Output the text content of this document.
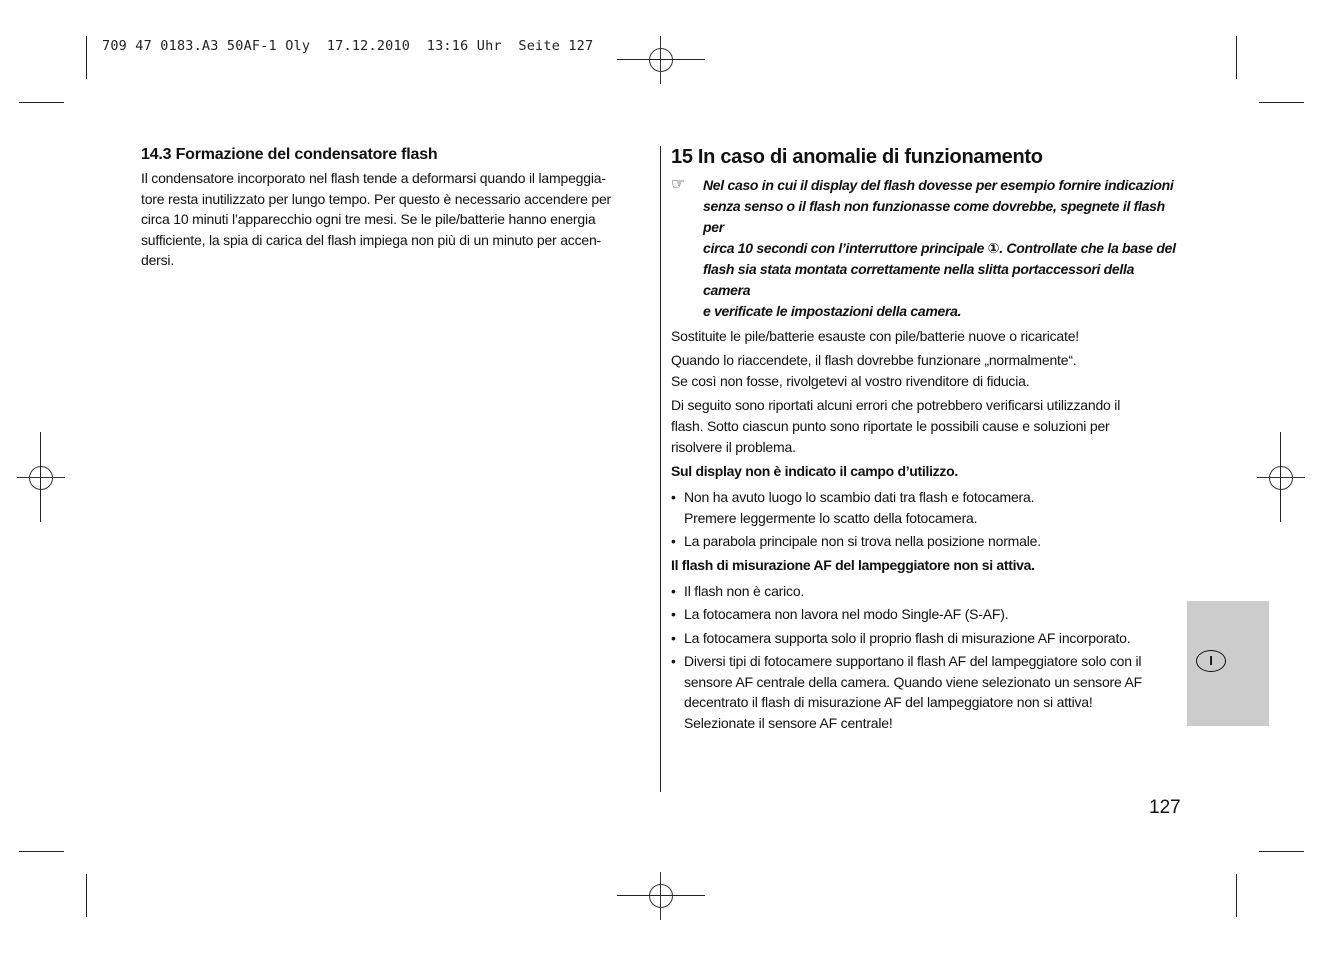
709 47 0183.A3 50AF-1 Oly  17.12.2010  13:16 Uhr  Seite 127
14.3 Formazione del condensatore flash
Il condensatore incorporato nel flash tende a deformarsi quando il lampeggia-
tore resta inutilizzato per lungo tempo. Per questo è necessario accendere per
circa 10 minuti l’apparecchio ogni tre mesi. Se le pile/batterie hanno energia
sufficiente, la spia di carica del flash impiega non più di un minuto per accen-
dersi.
15 In caso di anomalie di funzionamento
☞	Nel caso in cui il display del flash dovesse per esempio fornire indicazioni
senza senso o il flash non funzionasse come dovrebbe, spegnete il flash per
circa 10 secondi con l’interruttore principale ①. Controllate che la base del
flash sia stata montata correttamente nella slitta portaccessori della camera
e verificate le impostazioni della camera.
Sostituite le pile/batterie esauste con pile/batterie nuove o ricaricate!
Quando lo riaccendete, il flash dovrebbe funzionare „normalmente“.
Se così non fosse, rivolgetevi al vostro rivenditore di fiducia.
Di seguito sono riportati alcuni errori che potrebbero verificarsi utilizzando il
flash. Sotto ciascun punto sono riportate le possibili cause e soluzioni per
risolvere il problema.
Sul display non è indicato il campo d’utilizzo.
• Non ha avuto luogo lo scambio dati tra flash e fotocamera.
Premere leggermente lo scatto della fotocamera.
• La parabola principale non si trova nella posizione normale.
Il flash di misurazione AF del lampeggiatore non si attiva.
• Il flash non è carico.
• La fotocamera non lavora nel modo Single-AF (S-AF).
• La fotocamera supporta solo il proprio flash di misurazione AF incorporato.
• Diversi tipi di fotocamere supportano il flash AF del lampeggiatore solo con il
sensore AF centrale della camera. Quando viene selezionato un sensore AF
decentrato il flash di misurazione AF del lampeggiatore non si attiva!
Selezionate il sensore AF centrale!
I
127
